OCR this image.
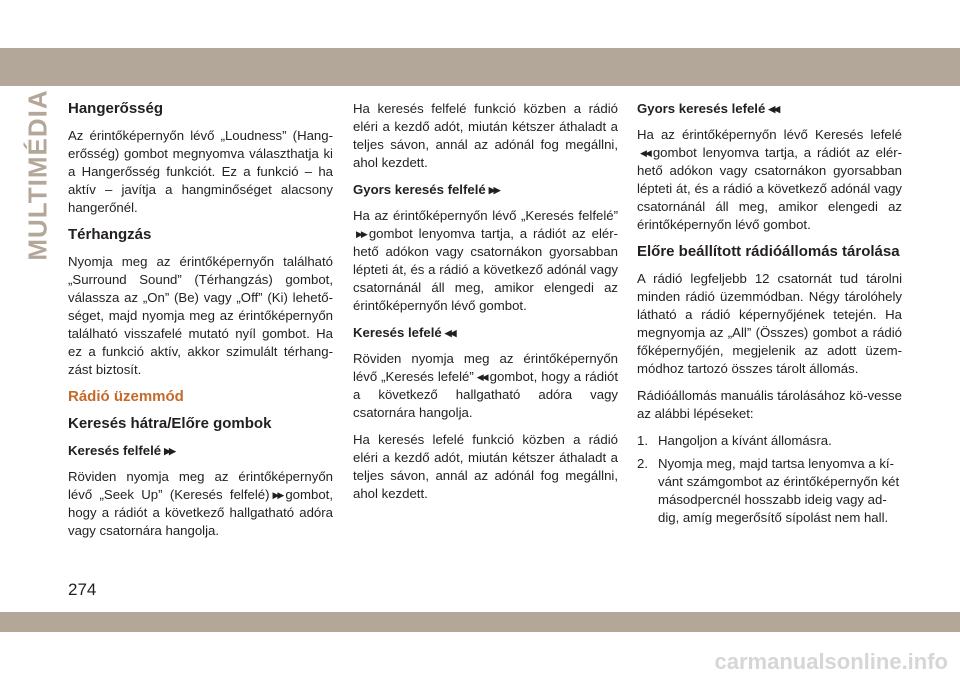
MULTIMÉDIA Hangerősség

Az érintőképernyőn lévő „Loudness” (Hang-erősség) gombot megnyomva választhatja ki a Hangerősség funkciót. Ez a funkció – ha aktív – javítja a hangminőséget alacsony hangerőnél.

Térhangzás

Nyomja meg az érintőképernyőn található „Surround Sound” (Térhangzás) gombot, válassza az „On” (Be) vagy „Off” (Ki) lehető-séget, majd nyomja meg az érintőképernyőn található visszafelé mutató nyíl gombot. Ha ez a funkció aktív, akkor szimulált térhang-zást biztosít.

Rádió üzemmód
Keresés hátra/Előre gombok
Keresés felfelé ▶▶

Röviden nyomja meg az érintőképernyőn lévő „Seek Up” (Keresés felfelé) ▶▶ gombot, hogy a rádiót a következő hallgatható adóra vagy csatornára hangolja.

Ha keresés felfelé funkció közben a rádió eléri a kezdő adót, miután kétszer áthaladt a teljes sávon, annál az adónál fog megállni, ahol kezdett.

Gyors keresés felfelé ▶▶

Ha az érintőképernyőn lévő „Keresés felfelé”▶▶ gombot lenyomva tartja, a rádiót az elér-hető adókon vagy csatornákon gyorsabban lépteti át, és a rádió a következő adónál vagy csatornánál áll meg, amikor elengedi az érintőképernyőn lévő gombot.

Keresés lefelé ◀◀

Röviden nyomja meg az érintőképernyőn lévő „Keresés lefelé” ◀◀ gombot, hogy a rádiót a következő hallgatható adóra vagy csatornára hangolja.

Ha keresés lefelé funkció közben a rádió eléri a kezdő adót, miután kétszer áthaladt a teljes sávon, annál az adónál fog megállni, ahol kezdett.

Gyors keresés lefelé ◀◀

Ha az érintőképernyőn lévő Keresés lefelé ◀◀ gombot lenyomva tartja, a rádiót az elér-hető adókon vagy csatornákon gyorsabban lépteti át, és a rádió a következő adónál vagy csatornánál áll meg, amikor elengedi az érintőképernyőn lévő gombot.

Előre beállított rádióállomás tárolása

A rádió legfeljebb 12 csatornát tud tárolni minden rádió üzemmódban. Négy tárolóhely látható a rádió képernyőjének tetején. Ha megnyomja az „All” (Összes) gombot a rádió főképernyőjén, megjelenik az adott üzem-módhoz tartozó összes tárolt állomás.

Rádióállomás manuális tárolásához kö-vesse az alábbi lépéseket:

1. Hangoljon a kívánt állomásra.
2. Nyomja meg, majd tartsa lenyomva a kí-vánt számgombot az érintőképernyőn két másodpercnél hosszabb ideig vagy ad-dig, amíg megerősítő sípolást nem hall.
274
carmanualsonline.info
